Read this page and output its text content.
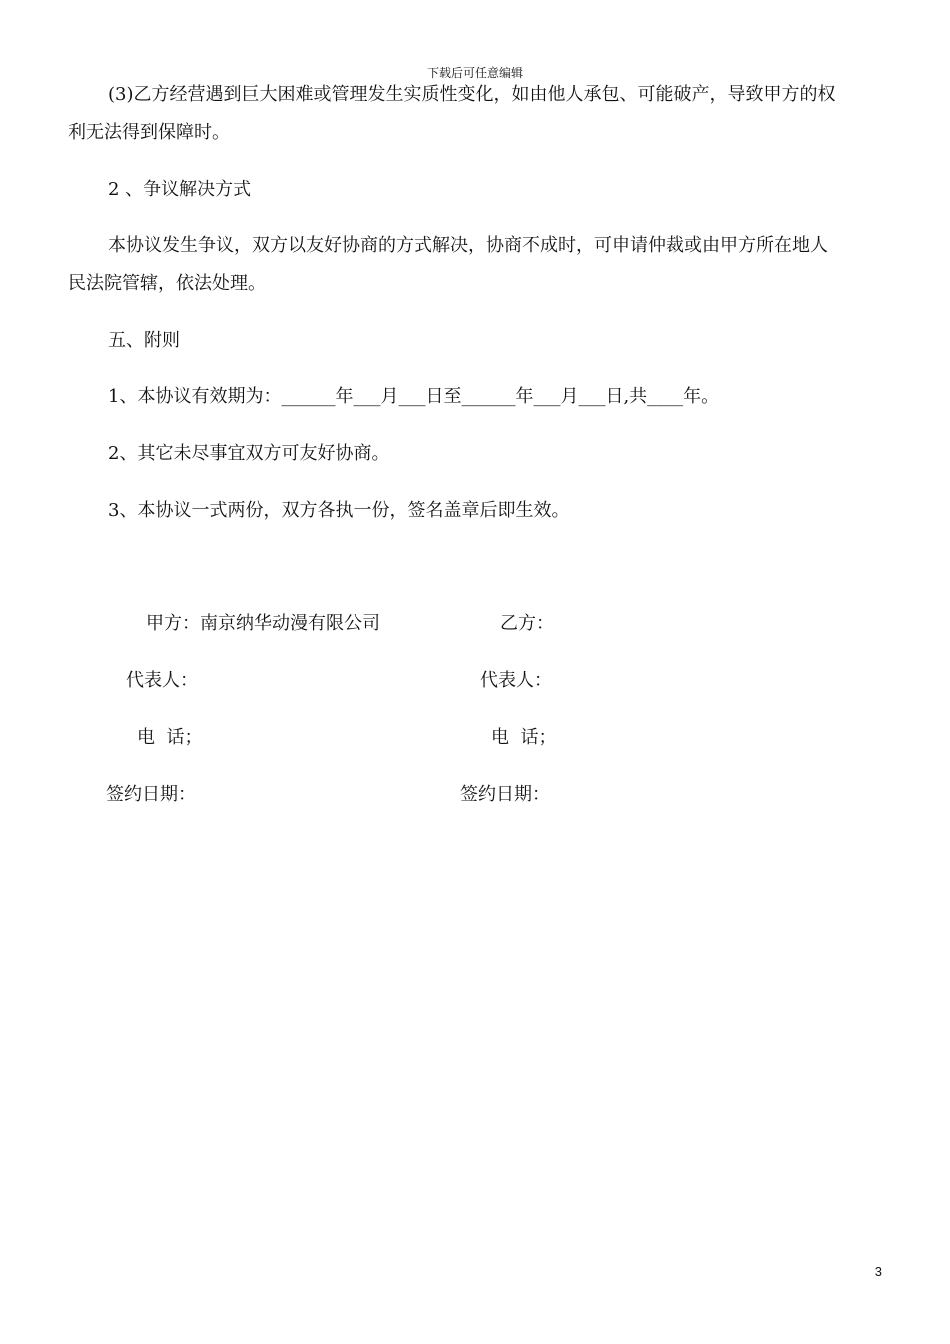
下载后可任意编辑
(3)乙方经营遇到巨大困难或管理发生实质性变化，如由他人承包、可能破产，导致甲方的权
利无法得到保障时。
2 、争议解决方式
本协议发生争议，双方以友好协商的方式解决，协商不成时，可申请仲裁或由甲方所在地人
民法院管辖，依法处理。
五、附则
1、本协议有效期为：______年___月___日至______年___月___日,共____年。
2、其它未尽事宜双方可友好协商。
3、本协议一式两份，双方各执一份，签名盖章后即生效。
甲方：南京纳华动漫有限公司	乙方：
代表人：	代表人：
电  话；	电  话；
签约日期：	签约日期：
3
